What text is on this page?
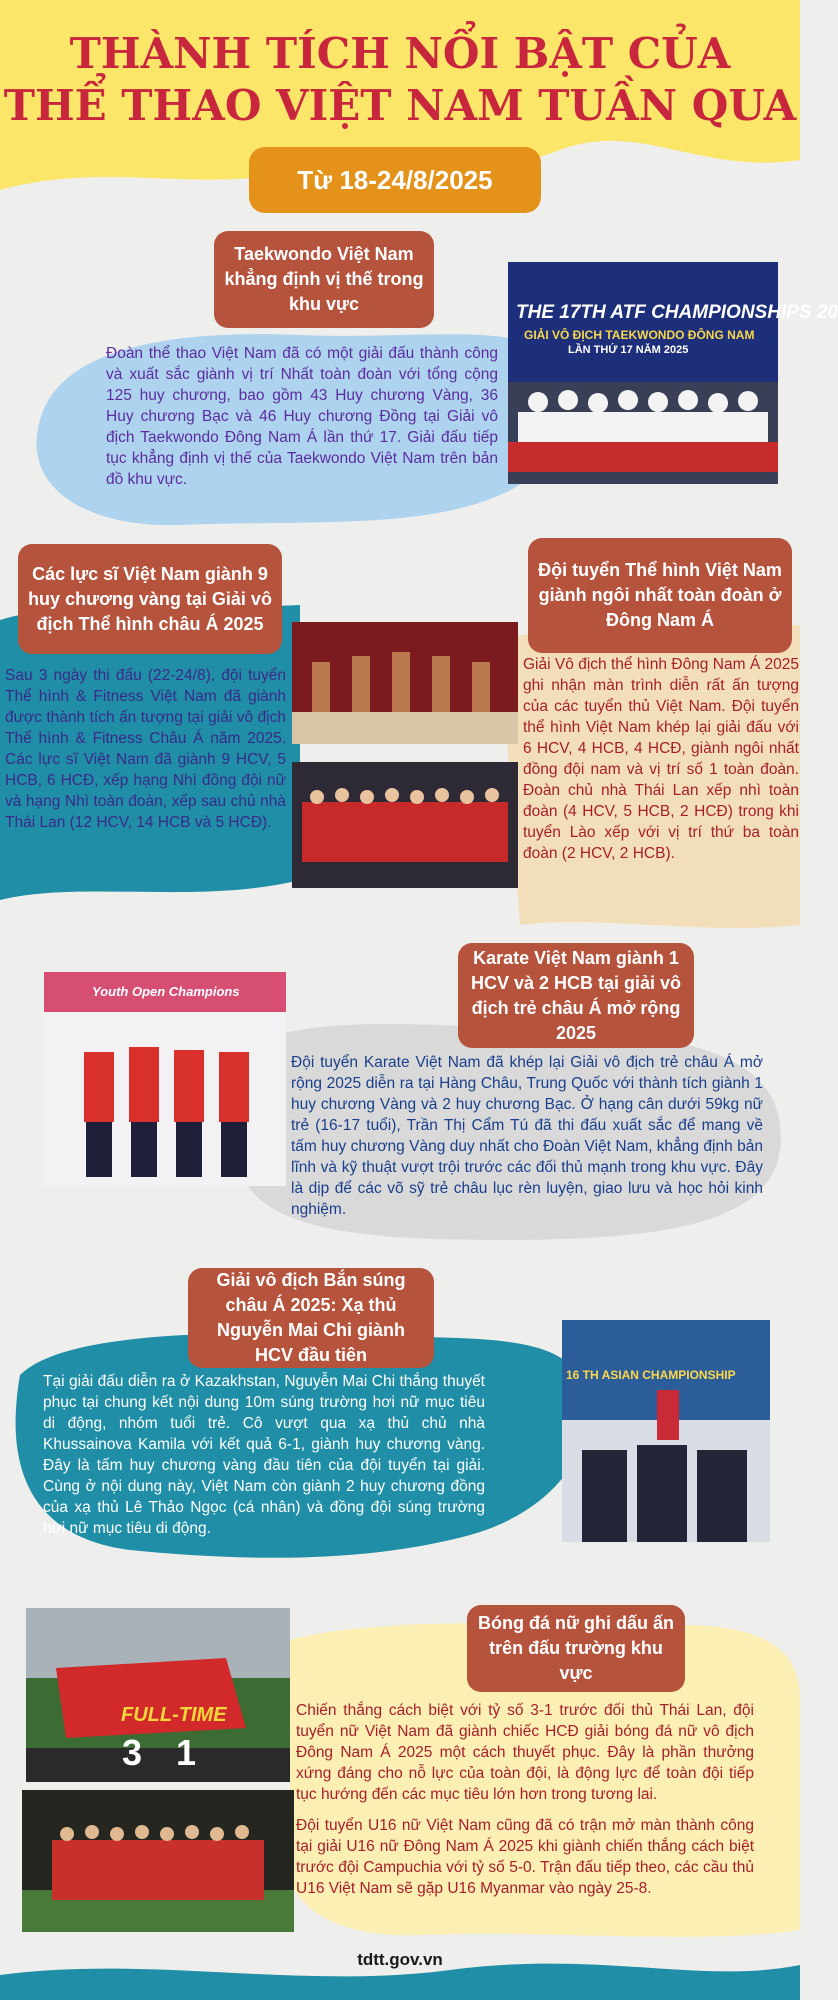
THÀNH TÍCH NỔI BẬT CỦA
THỂ THAO VIỆT NAM TUẦN QUA
Từ 18-24/8/2025
Taekwondo Việt Nam khẳng định vị thế trong khu vực

Đoàn thể thao Việt Nam đã có một giải đấu thành công và xuất sắc giành vị trí Nhất toàn đoàn với tổng cộng 125 huy chương, bao gồm 43 Huy chương Vàng, 36 Huy chương Bạc và 46 Huy chương Đồng tại Giải vô địch Taekwondo Đông Nam Á lần thứ 17. Giải đấu tiếp tục khẳng định vị thế của Taekwondo Việt Nam trên bản đồ khu vực.

THE 17TH ATF CHAMPIONSHIPS 20
GIẢI VÔ ĐỊCH TAEKWONDO ĐÔNG NAM
LẦN THỨ 17 NĂM 2025
Các lực sĩ Việt Nam giành 9 huy chương vàng tại Giải vô địch Thể hình châu Á 2025

Sau 3 ngày thi đấu (22-24/8), đội tuyển Thể hình & Fitness Việt Nam đã giành được thành tích ấn tượng tại giải vô địch Thể hình & Fitness Châu Á năm 2025. Các lực sĩ Việt Nam đã giành 9 HCV, 5 HCB, 6 HCĐ, xếp hạng Nhì đồng đội nữ và hạng Nhì toàn đoàn, xếp sau chủ nhà Thái Lan (12 HCV, 14 HCB và 5 HCĐ).

Đội tuyển Thể hình Việt Nam giành ngôi nhất toàn đoàn ở Đông Nam Á

Giải Vô địch thể hình Đông Nam Á 2025 ghi nhận màn trình diễn rất ấn tượng của các tuyển thủ Việt Nam. Đội tuyển thể hình Việt Nam khép lại giải đấu với 6 HCV, 4 HCB, 4 HCĐ, giành ngôi nhất đồng đội nam và vị trí số 1 toàn đoàn. Đoàn chủ nhà Thái Lan xếp nhì toàn đoàn (4 HCV, 5 HCB, 2 HCĐ) trong khi tuyển Lào xếp với vị trí thứ ba toàn đoàn (2 HCV, 2 HCB).

Karate Việt Nam giành 1 HCV và 2 HCB tại giải vô địch trẻ châu Á mở rộng 2025

Đội tuyển Karate Việt Nam đã khép lại Giải vô địch trẻ châu Á mở rộng 2025 diễn ra tại Hàng Châu, Trung Quốc với thành tích giành 1 huy chương Vàng và 2 huy chương Bạc. Ở hạng cân dưới 59kg nữ trẻ (16-17 tuổi), Trần Thị Cẩm Tú đã thi đấu xuất sắc để mang về tấm huy chương Vàng duy nhất cho Đoàn Việt Nam, khẳng định bản lĩnh và kỹ thuật vượt trội trước các đối thủ mạnh trong khu vực. Đây là dịp để các võ sỹ trẻ châu lục rèn luyện, giao lưu và học hỏi kinh nghiệm.

Youth Open Champions
Giải vô địch Bắn súng châu Á 2025: Xạ thủ Nguyễn Mai Chi giành HCV đầu tiên

Tại giải đấu diễn ra ở Kazakhstan, Nguyễn Mai Chi thắng thuyết phục tại chung kết nội dung 10m súng trường hơi nữ mục tiêu di động, nhóm tuổi trẻ. Cô vượt qua xạ thủ chủ nhà Khussainova Kamila với kết quả 6-1, giành huy chương vàng. Đây là tấm huy chương vàng đầu tiên của đội tuyển tại giải. Cùng ở nội dung này, Việt Nam còn giành 2 huy chương đồng của xạ thủ Lê Thảo Ngọc (cá nhân) và đồng đội súng trường hơi nữ mục tiêu di động.

16 TH ASIAN CHAMPIONSHIP
Bóng đá nữ ghi dấu ấn trên đấu trường khu vực

Chiến thắng cách biệt với tỷ số 3-1 trước đối thủ Thái Lan, đội tuyển nữ Việt Nam đã giành chiếc HCĐ giải bóng đá nữ vô địch Đông Nam Á 2025 một cách thuyết phục. Đây là phần thưởng xứng đáng cho nỗ lực của toàn đội, là động lực để toàn đội tiếp tục hướng đến các mục tiêu lớn hơn trong tương lai.

Đội tuyển U16 nữ Việt Nam cũng đã có trận mở màn thành công tại giải U16 nữ Đông Nam Á 2025 khi giành chiến thắng cách biệt trước đội Campuchia với tỷ số 5-0. Trận đấu tiếp theo, các cầu thủ U16 Việt Nam sẽ gặp U16 Myanmar vào ngày 25-8.

FULL-TIME
3 1
tdtt.gov.vn
